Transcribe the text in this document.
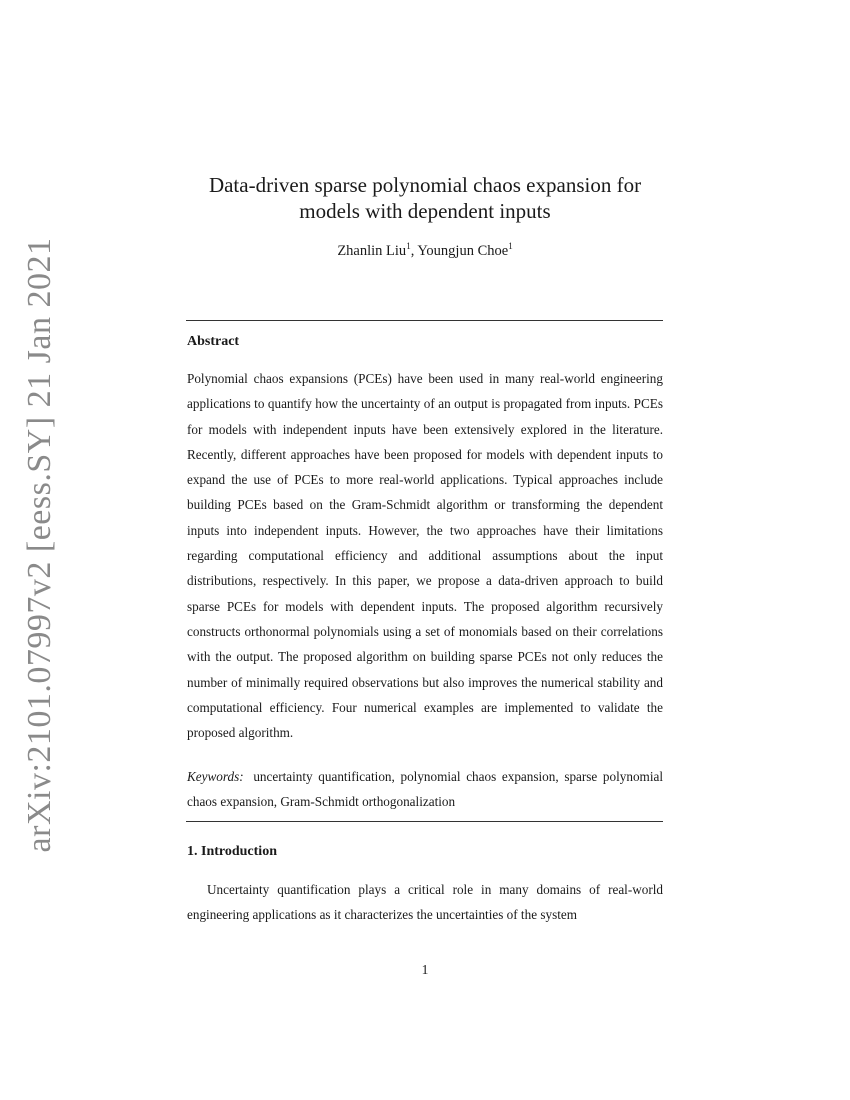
arXiv:2101.07997v2 [eess.SY] 21 Jan 2021
Data-driven sparse polynomial chaos expansion for
models with dependent inputs
Zhanlin Liu$^1$, Youngjun Choe$^1$
Abstract
Polynomial chaos expansions (PCEs) have been used in many real-world engineering applications to quantify how the uncertainty of an output is propagated from inputs. PCEs for models with independent inputs have been extensively explored in the literature. Recently, different approaches have been proposed for models with dependent inputs to expand the use of PCEs to more real-world applications. Typical approaches include building PCEs based on the Gram-Schmidt algorithm or transforming the dependent inputs into independent inputs. However, the two approaches have their limitations regarding computational efficiency and additional assumptions about the input distributions, respectively. In this paper, we propose a data-driven approach to build sparse PCEs for models with dependent inputs. The proposed algorithm recursively constructs orthonormal polynomials using a set of monomials based on their correlations with the output. The proposed algorithm on building sparse PCEs not only reduces the number of minimally required observations but also improves the numerical stability and computational efficiency. Four numerical examples are implemented to validate the proposed algorithm.
Keywords: uncertainty quantification, polynomial chaos expansion, sparse polynomial chaos expansion, Gram-Schmidt orthogonalization
1. Introduction
Uncertainty quantification plays a critical role in many domains of real-world engineering applications as it characterizes the uncertainties of the system
1
